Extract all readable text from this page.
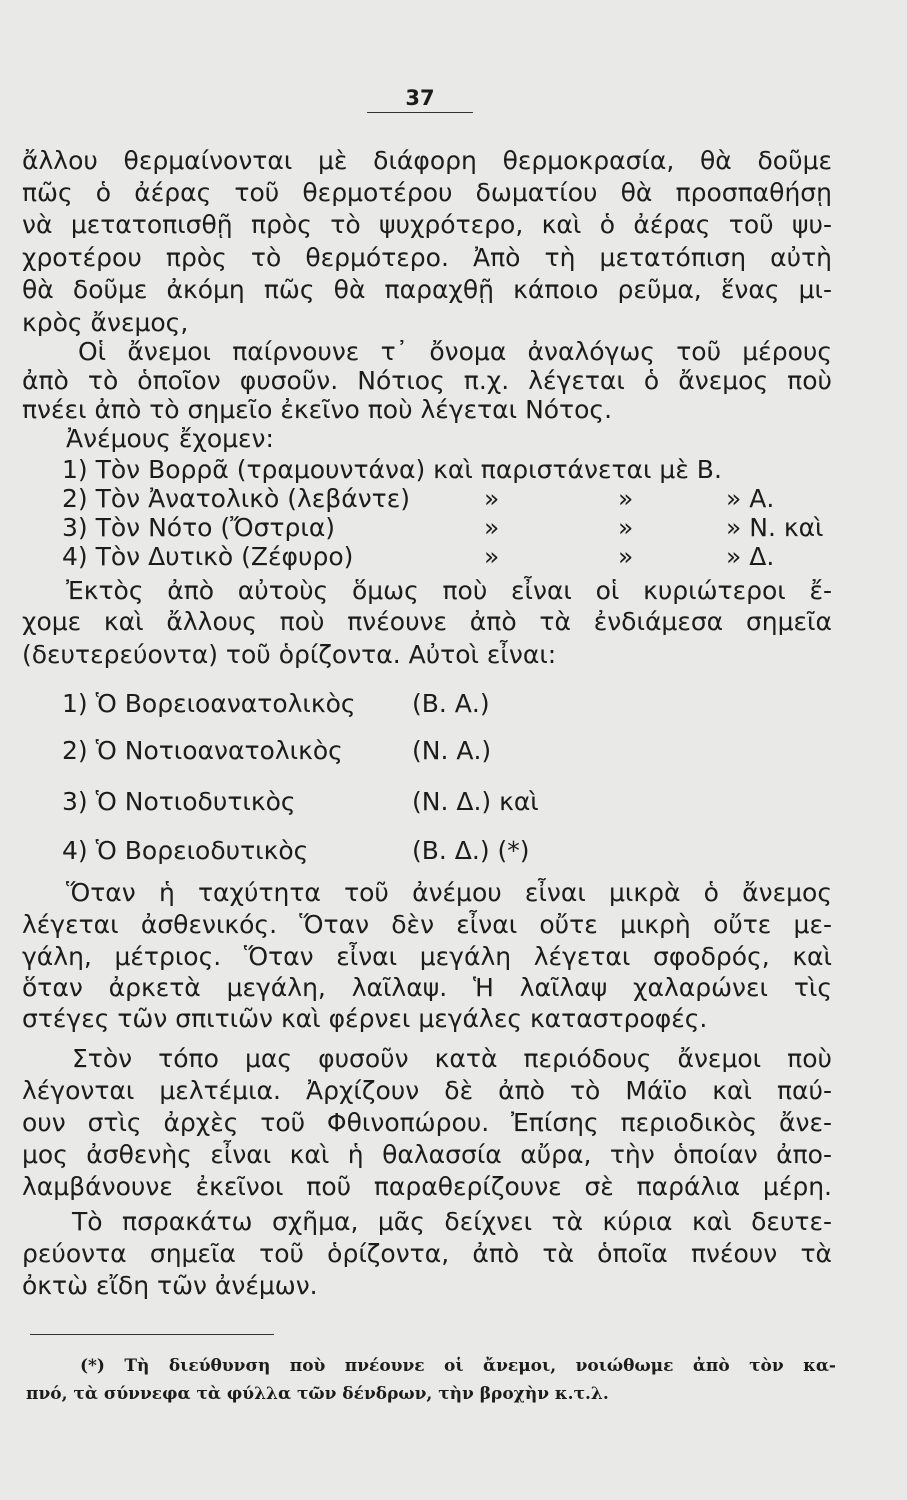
37
ἄλλου θερμαίνονται μὲ διάφορη θερμοκρασία, θὰ δοῦμε
πῶς ὁ ἀέρας τοῦ θερμοτέρου δωματίου θὰ προσπαθήσῃ
νὰ μετατοπισθῇ πρὸς τὸ ψυχρότερο, καὶ ὁ ἀέρας τοῦ ψυ-
χροτέρου πρὸς τὸ θερμότερο. Ἀπὸ τὴ μετατόπιση αὐτὴ
θὰ δοῦμε ἀκόμη πῶς θὰ παραχθῇ κάποιο ρεῦμα, ἕνας μι-
κρὸς ἄνεμος,
Οἱ ἄνεμοι παίρνουνε τ᾽ ὄνομα ἀναλόγως τοῦ μέρους
ἀπὸ τὸ ὁποῖον φυσοῦν. Νότιος π.χ. λέγεται ὁ ἄνεμος ποὺ
πνέει ἀπὸ τὸ σημεῖο ἐκεῖνο ποὺ λέγεται Νότος.
Ἀνέμους ἔχομεν:
1) Τὸν Βορρᾶ (τραμουντάνα) καὶ παριστάνεται μὲ Β.
2) Τὸν Ἀνατολικὸ (λεβάντε)	»	»	» Α.
3) Τὸν Νότο (Ὄστρια)	»	»	» Ν. καὶ
4) Τὸν Δυτικὸ (Ζέφυρο)	»	»	» Δ.
Ἐκτὸς ἀπὸ αὐτοὺς ὅμως ποὺ εἶναι οἱ κυριώτεροι ἔ-
χομε καὶ ἄλλους ποὺ πνέουνε ἀπὸ τὰ ἐνδιάμεσα σημεῖα
(δευτερεύοντα) τοῦ ὁρίζοντα. Αὐτοὶ εἶναι:
1) Ὁ Βορειοανατολικὸς (Β. Α.)
2) Ὁ Νοτιοανατολικὸς	(Ν. Α.)
3) Ὁ Νοτιοδυτικὸς	(Ν. Δ.) καὶ
4) Ὁ Βορειοδυτικὸς	(Β. Δ.) (*)
Ὅταν ἡ ταχύτητα τοῦ ἀνέμου εἶναι μικρὰ ὁ ἄνεμος
λέγεται ἀσθενικός. Ὅταν δὲν εἶναι οὔτε μικρὴ οὔτε με-
γάλη, μέτριος. Ὅταν εἶναι μεγάλη λέγεται σφοδρός, καὶ
ὅταν ἀρκετὰ μεγάλη, λαῖλαψ. Ἡ λαῖλαψ χαλαρώνει τὶς
στέγες τῶν σπιτιῶν καὶ φέρνει μεγάλες καταστροφές.
Στὸν τόπο μας φυσοῦν κατὰ περιόδους ἄνεμοι ποὺ
λέγονται μελτέμια. Ἀρχίζουν δὲ ἀπὸ τὸ Μάϊο καὶ παύ-
ουν στὶς ἀρχὲς τοῦ Φθινοπώρου. Ἐπίσης περιοδικὸς ἄνε-
μος ἀσθενὴς εἶναι καὶ ἡ θαλασσία αὔρα, τὴν ὁποίαν ἀπο-
λαμβάνουνε ἐκεῖνοι ποῦ παραθερίζουνε σὲ παράλια μέρη.
Τὸ πσρακάτω σχῆμα, μᾶς δείχνει τὰ κύρια καὶ δευτε-
ρεύοντα σημεῖα τοῦ ὁρίζοντα, ἀπὸ τὰ ὁποῖα πνέουν τὰ
ὀκτὼ εἴδη τῶν ἀνέμων.
(*) Τὴ διεύθυνση ποὺ πνέουνε οἱ ἄνεμοι, νοιώθωμε ἀπὸ τὸν κα-
πνό, τὰ σύννεφα τὰ φύλλα τῶν δένδρων, τὴν βροχὴν κ.τ.λ.
